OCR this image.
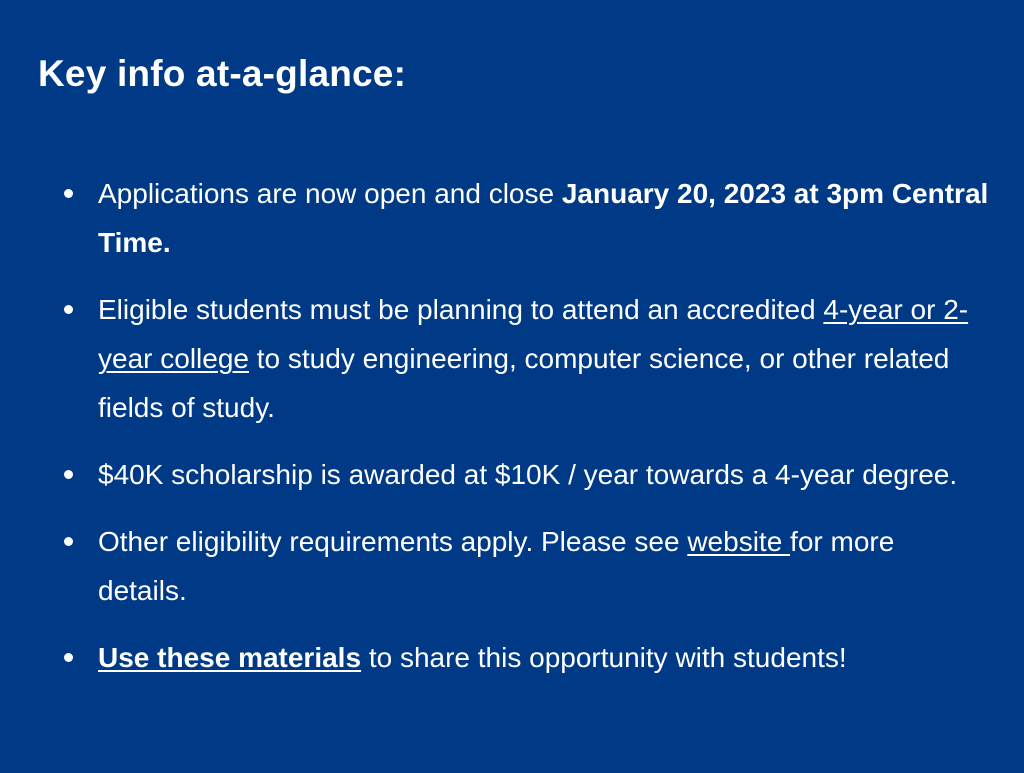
Key info at-a-glance:
Applications are now open and close January 20, 2023 at 3pm Central Time.
Eligible students must be planning to attend an accredited 4-year or 2-year college to study engineering, computer science, or other related fields of study.
$40K scholarship is awarded at $10K / year towards a 4-year degree.
Other eligibility requirements apply. Please see website for more details.
Use these materials to share this opportunity with students!
